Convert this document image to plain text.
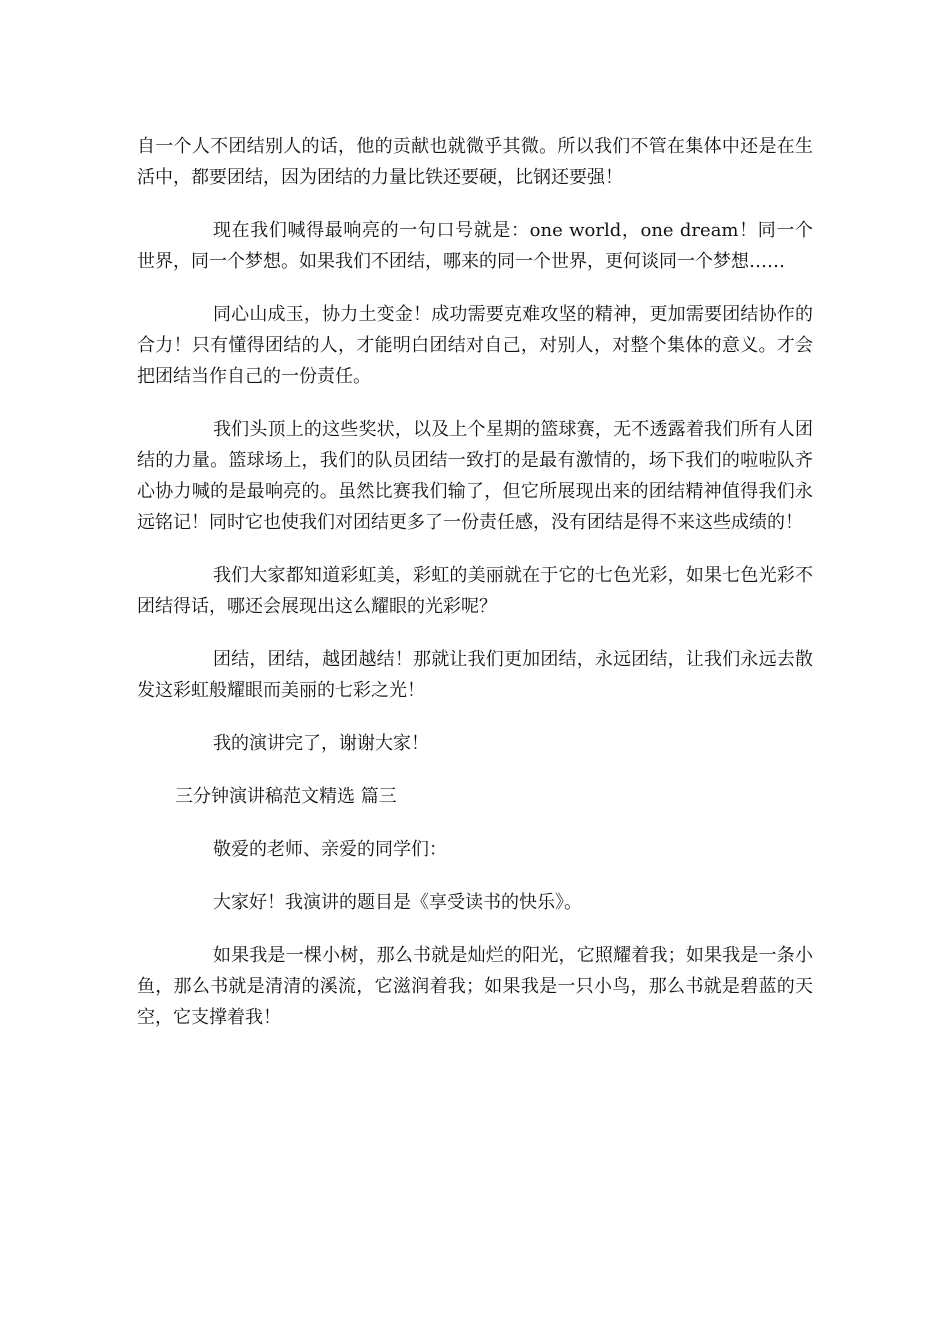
自一个人不团结别人的话，他的贡献也就微乎其微。所以我们不管在集体中还是在生活中，都要团结，因为团结的力量比铁还要硬，比钢还要强！

现在我们喊得最响亮的一句口号就是：one world，one dream！同一个世界，同一个梦想。如果我们不团结，哪来的同一个世界，更何谈同一个梦想……

同心山成玉，协力土变金！成功需要克难攻坚的精神，更加需要团结协作的合力！只有懂得团结的人，才能明白团结对自己，对别人，对整个集体的意义。才会把团结当作自己的一份责任。

我们头顶上的这些奖状，以及上个星期的篮球赛，无不透露着我们所有人团结的力量。篮球场上，我们的队员团结一致打的是最有激情的，场下我们的啦啦队齐心协力喊的是最响亮的。虽然比赛我们输了，但它所展现出来的团结精神值得我们永远铭记！同时它也使我们对团结更多了一份责任感，没有团结是得不来这些成绩的！

我们大家都知道彩虹美，彩虹的美丽就在于它的七色光彩，如果七色光彩不团结得话，哪还会展现出这么耀眼的光彩呢？

团结，团结，越团越结！那就让我们更加团结，永远团结，让我们永远去散发这彩虹般耀眼而美丽的七彩之光！

我的演讲完了，谢谢大家！

三分钟演讲稿范文精选 篇三

敬爱的老师、亲爱的同学们：

大家好！我演讲的题目是《享受读书的快乐》。

如果我是一棵小树，那么书就是灿烂的阳光，它照耀着我；如果我是一条小鱼，那么书就是清清的溪流，它滋润着我；如果我是一只小鸟，那么书就是碧蓝的天空，它支撑着我！
